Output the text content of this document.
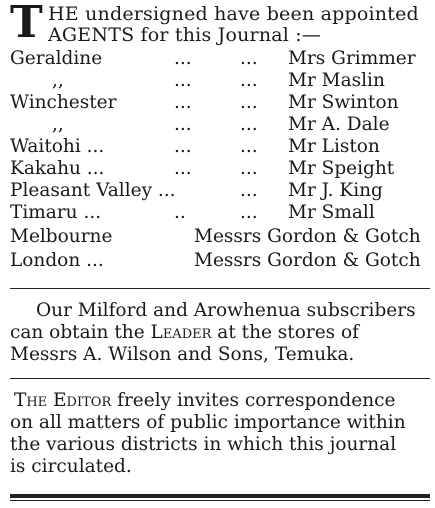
T HE undersigned have been appointed
AGENTS for this Journal :—
Geraldine	...	... Mrs Grimmer
,,	...	... Mr Maslin
Winchester	...	... Mr Swinton
,,	...	... Mr A. Dale
Waitohi ...	...	... Mr Liston
Kakahu ...	...	... Mr Speight
Pleasant Valley ...	... Mr J. King
Timaru ...	..	... Mr Small
Melbourne	Messrs Gordon & Gotch
London ...	Messrs Gordon & Gotch
Our Milford and Arowhenua subscribers
can obtain the Leader at the stores of
Messrs A. Wilson and Sons, Temuka.
The Editor freely invites correspondence
on all matters of public importance within
the various districts in which this journal
is circulated.
